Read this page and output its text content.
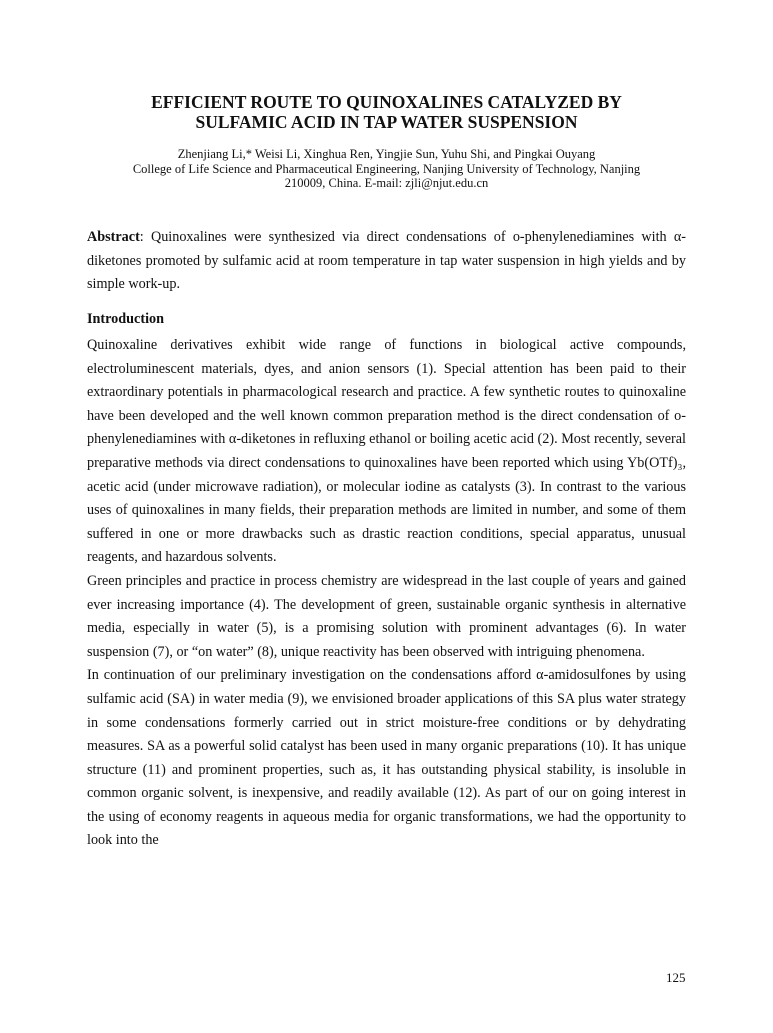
EFFICIENT ROUTE TO QUINOXALINES CATALYZED BY
SULFAMIC ACID IN TAP WATER SUSPENSION
Zhenjiang Li,* Weisi Li, Xinghua Ren, Yingjie Sun, Yuhu Shi, and Pingkai Ouyang
College of Life Science and Pharmaceutical Engineering, Nanjing University of Technology, Nanjing
210009, China. E-mail: zjli@njut.edu.cn

Abstract: Quinoxalines were synthesized via direct condensations of o-phenylenediamines with α-diketones promoted by sulfamic acid at room temperature in tap water suspension in high yields and by simple work-up.

Introduction

Quinoxaline derivatives exhibit wide range of functions in biological active compounds, electroluminescent materials, dyes, and anion sensors (1). Special attention has been paid to their extraordinary potentials in pharmacological research and practice. A few synthetic routes to quinoxaline have been developed and the well known common preparation method is the direct condensation of o-phenylenediamines with α-diketones in refluxing ethanol or boiling acetic acid (2). Most recently, several preparative methods via direct condensations to quinoxalines have been reported which using Yb(OTf)₃, acetic acid (under microwave radiation), or molecular iodine as catalysts (3). In contrast to the various uses of quinoxalines in many fields, their preparation methods are limited in number, and some of them suffered in one or more drawbacks such as drastic reaction conditions, special apparatus, unusual reagents, and hazardous solvents.

Green principles and practice in process chemistry are widespread in the last couple of years and gained ever increasing importance (4). The development of green, sustainable organic synthesis in alternative media, especially in water (5), is a promising solution with prominent advantages (6). In water suspension (7), or “on water” (8), unique reactivity has been observed with intriguing phenomena.

In continuation of our preliminary investigation on the condensations afford α-amidosulfones by using sulfamic acid (SA) in water media (9), we envisioned broader applications of this SA plus water strategy in some condensations formerly carried out in strict moisture-free conditions or by dehydrating measures. SA as a powerful solid catalyst has been used in many organic preparations (10). It has unique structure (11) and prominent properties, such as, it has outstanding physical stability, is insoluble in common organic solvent, is inexpensive, and readily available (12). As part of our on going interest in the using of economy reagents in aqueous media for organic transformations, we had the opportunity to look into the

125
